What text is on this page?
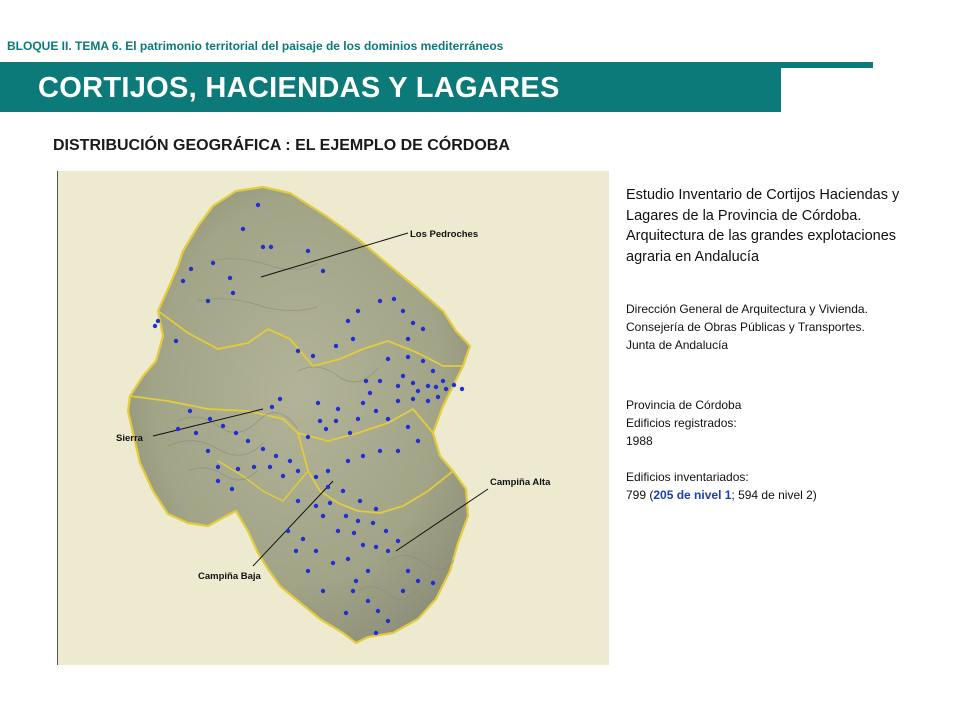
BLOQUE II. TEMA 6. El patrimonio territorial del paisaje de los dominios mediterráneos
CORTIJOS, HACIENDAS Y LAGARES
DISTRIBUCIÓN GEOGRÁFICA : EL EJEMPLO DE CÓRDOBA
Los Pedroches
Sierra
Campiña Alta
Campiña Baja
Estudio Inventario de Cortijos Haciendas y
Lagares de la Provincia de Córdoba.
Arquitectura de las grandes explotaciones
agraria en Andalucía
Dirección General de Arquitectura y Vivienda.
Consejería de Obras Públicas y Transportes.
Junta de Andalucía
Provincia de Córdoba
Edificios registrados:
1988
Edificios inventariados:
799 (205 de nivel 1; 594 de nivel 2)
